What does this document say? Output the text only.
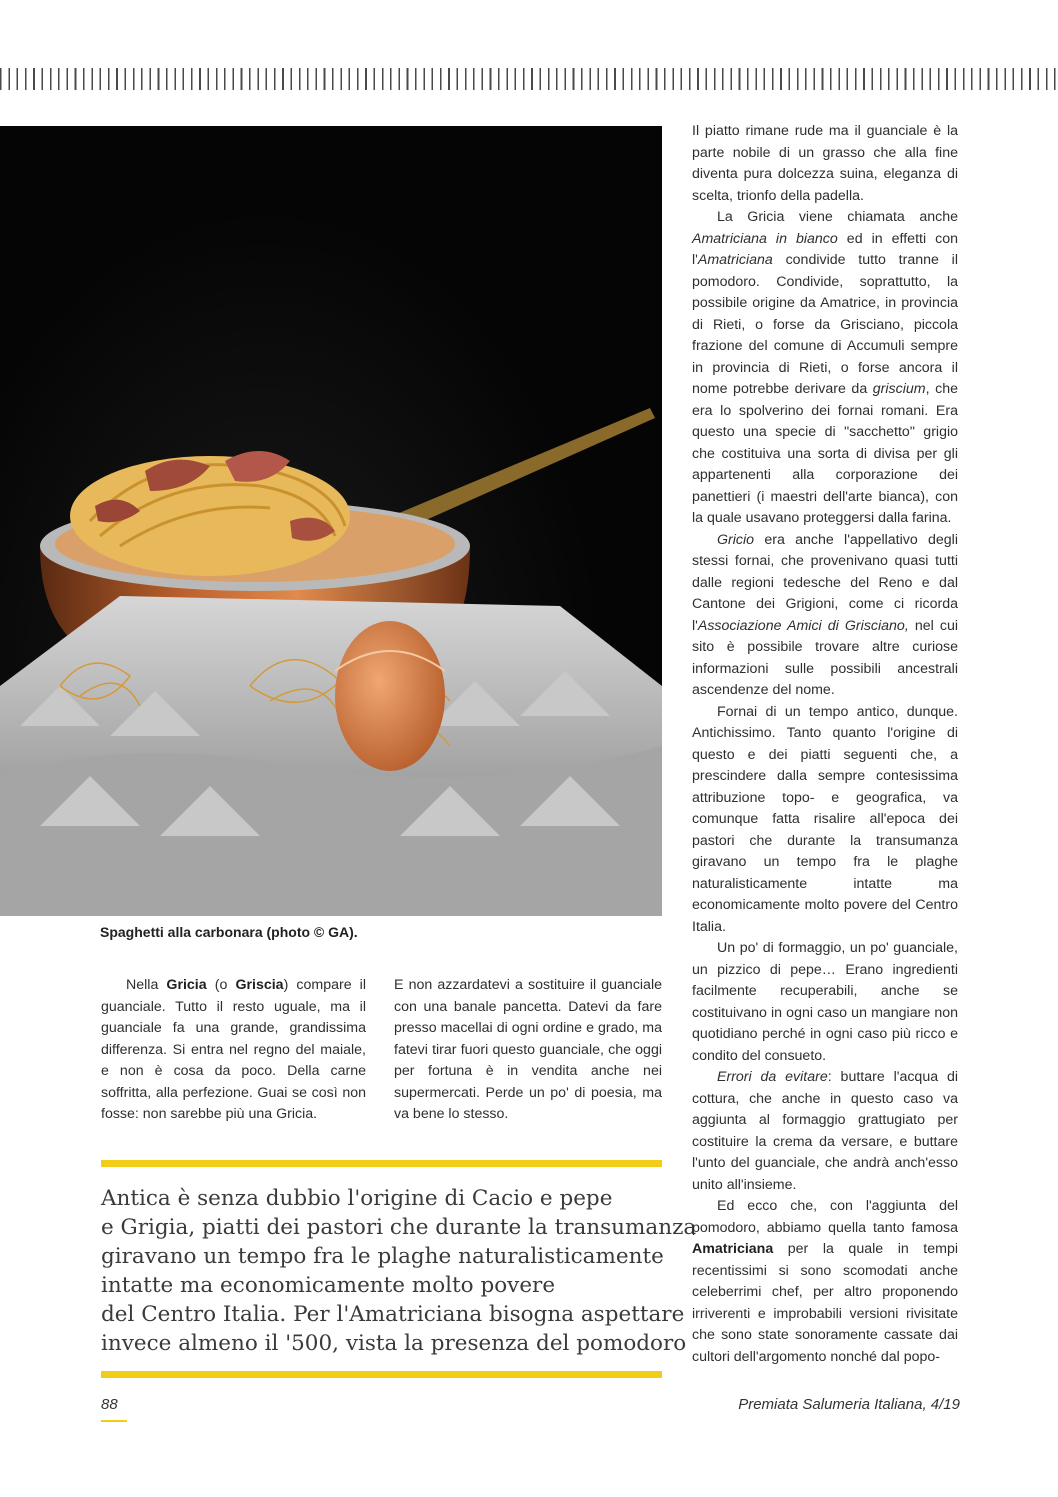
Spaghetti alla carbonara (photo © GA).

Nella Gricia (o Griscia) compare il guanciale. Tutto il resto uguale, ma il guanciale fa una grande, grandissima differenza. Si entra nel regno del maiale, e non è cosa da poco. Della carne soffritta, alla perfezione. Guai se così non fosse: non sarebbe più una Gricia.

E non azzardatevi a sostituire il guanciale con una banale pancetta. Datevi da fare presso macellai di ogni ordine e grado, ma fatevi tirar fuori questo guanciale, che oggi per fortuna è in vendita anche nei supermercati. Perde un po' di poesia, ma va bene lo stesso.

Antica è senza dubbio l'origine di Cacio e pepe
e Grigia, piatti dei pastori che durante la transumanza
giravano un tempo fra le plaghe naturalisticamente
intatte ma economicamente molto povere
del Centro Italia. Per l'Amatriciana bisogna aspettare
invece almeno il '500, vista la presenza del pomodoro

Il piatto rimane rude ma il guanciale è la parte nobile di un grasso che alla fine diventa pura dolcezza suina, eleganza di scelta, trionfo della padella.

La Gricia viene chiamata anche Amatriciana in bianco ed in effetti con l'Amatriciana condivide tutto tranne il pomodoro. Condivide, soprattutto, la possibile origine da Amatrice, in provincia di Rieti, o forse da Grisciano, piccola frazione del comune di Accumuli sempre in provincia di Rieti, o forse ancora il nome potrebbe derivare da griscium, che era lo spolverino dei fornai romani. Era questo una specie di "sacchetto" grigio che costituiva una sorta di divisa per gli appartenenti alla corporazione dei panettieri (i maestri dell'arte bianca), con la quale usavano proteggersi dalla farina.

Gricio era anche l'appellativo degli stessi fornai, che provenivano quasi tutti dalle regioni tedesche del Reno e dal Cantone dei Grigioni, come ci ricorda l'Associazione Amici di Grisciano, nel cui sito è possibile trovare altre curiose informazioni sulle possibili ancestrali ascendenze del nome.

Fornai di un tempo antico, dunque. Antichissimo. Tanto quanto l'origine di questo e dei piatti seguenti che, a prescindere dalla sempre contesissima attribuzione topo- e geografica, va comunque fatta risalire all'epoca dei pastori che durante la transumanza giravano un tempo fra le plaghe naturalisticamente intatte ma economicamente molto povere del Centro Italia.

Un po' di formaggio, un po' guanciale, un pizzico di pepe… Erano ingredienti facilmente recuperabili, anche se costituivano in ogni caso un mangiare non quotidiano perché in ogni caso più ricco e condito del consueto.

Errori da evitare: buttare l'acqua di cottura, che anche in questo caso va aggiunta al formaggio grattugiato per costituire la crema da versare, e buttare l'unto del guanciale, che andrà anch'esso unito all'insieme.

Ed ecco che, con l'aggiunta del pomodoro, abbiamo quella tanto famosa Amatriciana per la quale in tempi recentissimi si sono scomodati anche celeberrimi chef, per altro proponendo irriverenti e improbabili versioni rivisitate che sono state sonoramente cassate dai cultori dell'argomento nonché dal popo-

88	Premiata Salumeria Italiana, 4/19
